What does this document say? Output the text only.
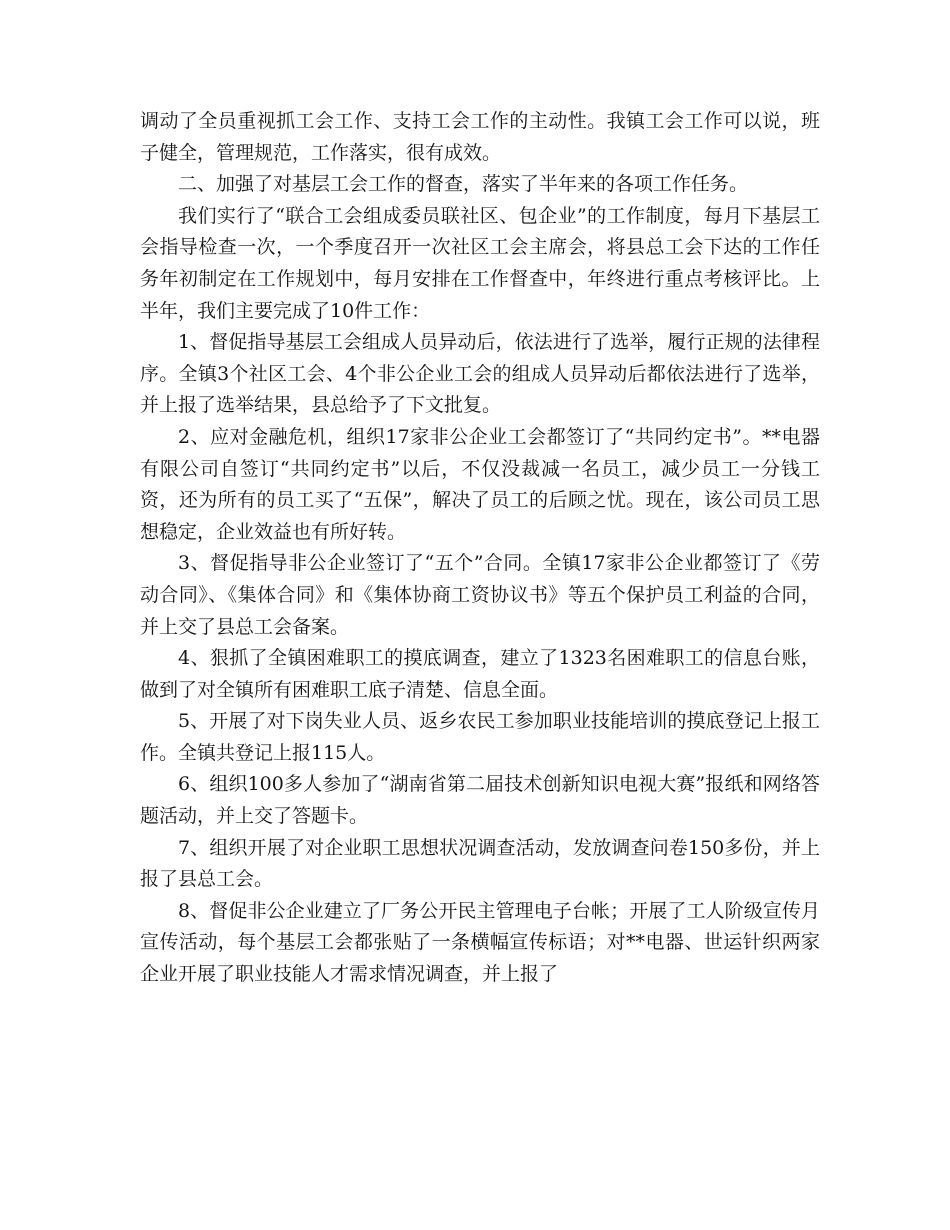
调动了全员重视抓工会工作、支持工会工作的主动性。我镇工会工作可以说，班子健全，管理规范，工作落实，很有成效。

二、加强了对基层工会工作的督查，落实了半年来的各项工作任务。

我们实行了“联合工会组成委员联社区、包企业”的工作制度，每月下基层工会指导检查一次，一个季度召开一次社区工会主席会，将县总工会下达的工作任务年初制定在工作规划中，每月安排在工作督查中，年终进行重点考核评比。上半年，我们主要完成了10件工作：

1、督促指导基层工会组成人员异动后，依法进行了选举，履行正规的法律程序。全镇3个社区工会、4个非公企业工会的组成人员异动后都依法进行了选举，并上报了选举结果，县总给予了下文批复。

2、应对金融危机，组织17家非公企业工会都签订了“共同约定书”。**电器有限公司自签订“共同约定书”以后，不仅没裁减一名员工，减少员工一分钱工资，还为所有的员工买了“五保”，解决了员工的后顾之忧。现在，该公司员工思想稳定，企业效益也有所好转。

3、督促指导非公企业签订了“五个”合同。全镇17家非公企业都签订了《劳动合同》、《集体合同》和《集体协商工资协议书》等五个保护员工利益的合同，并上交了县总工会备案。

4、狠抓了全镇困难职工的摸底调查，建立了1323名困难职工的信息台账，做到了对全镇所有困难职工底子清楚、信息全面。

5、开展了对下岗失业人员、返乡农民工参加职业技能培训的摸底登记上报工作。全镇共登记上报115人。

6、组织100多人参加了“湖南省第二届技术创新知识电视大赛”报纸和网络答题活动，并上交了答题卡。

7、组织开展了对企业职工思想状况调查活动，发放调查问卷150多份，并上报了县总工会。

8、督促非公企业建立了厂务公开民主管理电子台帐；开展了工人阶级宣传月宣传活动，每个基层工会都张贴了一条横幅宣传标语；对**电器、世运针织两家企业开展了职业技能人才需求情况调查，并上报了
